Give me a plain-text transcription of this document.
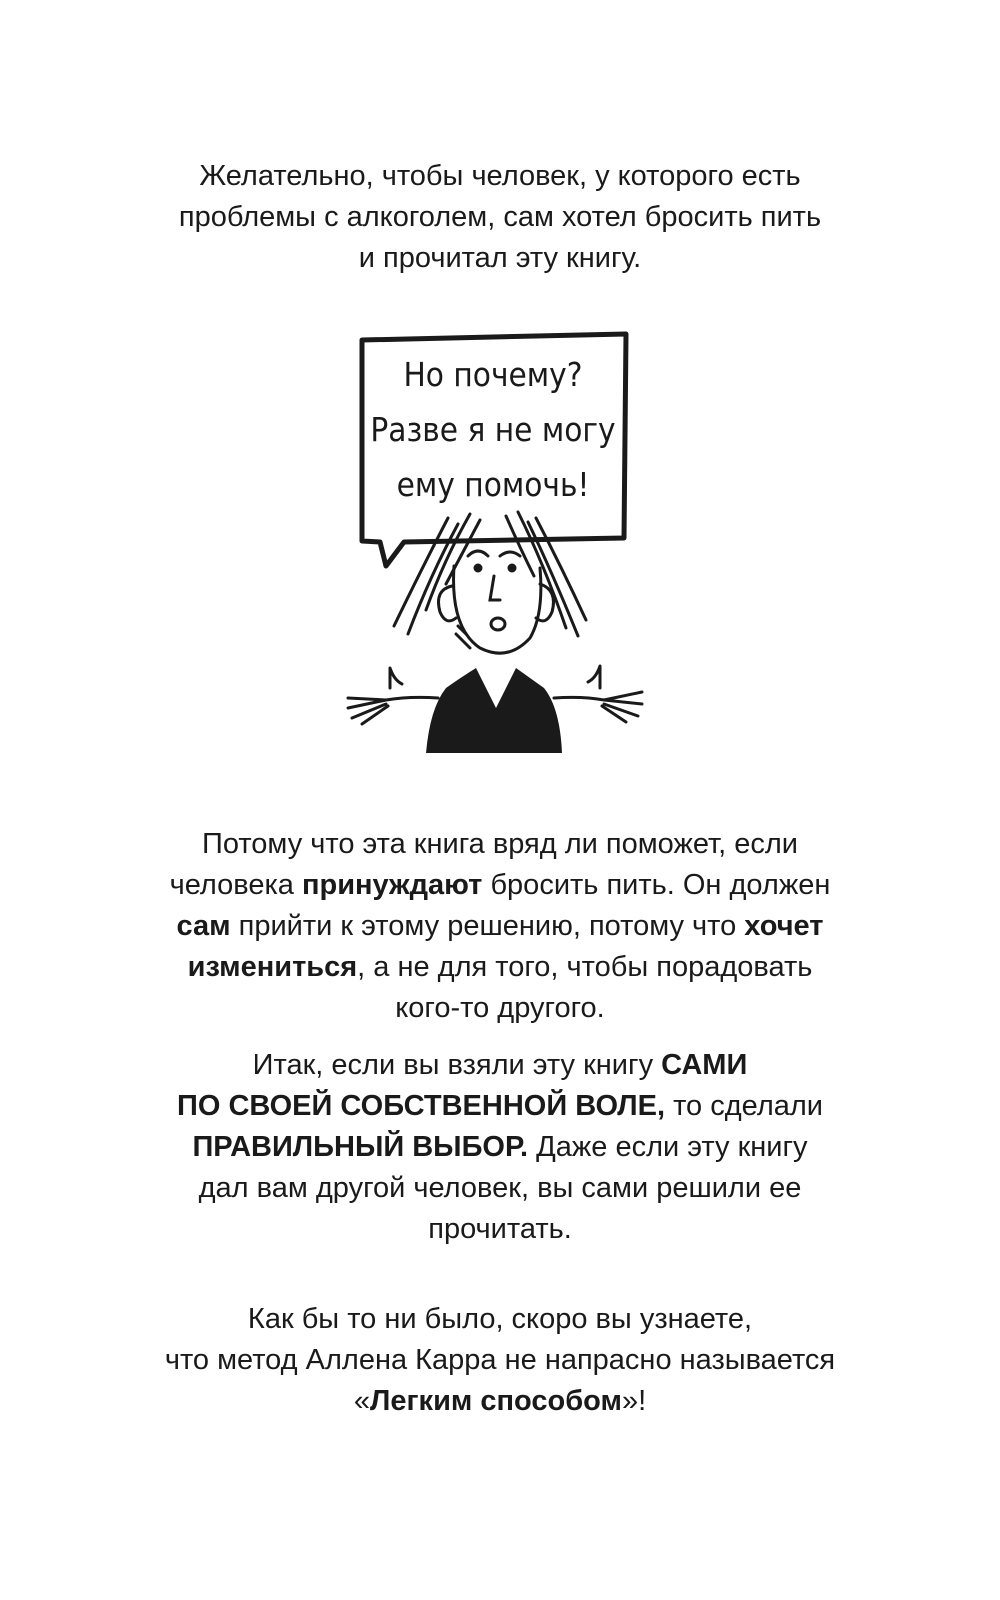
Желательно, чтобы человек, у которого есть
проблемы с алкоголем, сам хотел бросить пить
и прочитал эту книгу.

Но почему?
Разве я не могу
ему помочь!

Потому что эта книга вряд ли поможет, если
человека принуждают бросить пить. Он должен
сам прийти к этому решению, потому что хочет
измениться, а не для того, чтобы порадовать
кого-то другого.

Итак, если вы взяли эту книгу САМИ
ПО СВОЕЙ СОБСТВЕННОЙ ВОЛЕ, то сделали
ПРАВИЛЬНЫЙ ВЫБОР. Даже если эту книгу
дал вам другой человек, вы сами решили ее
прочитать.

Как бы то ни было, скоро вы узнаете,
что метод Аллена Карра не напрасно называется
«Легким способом»!
